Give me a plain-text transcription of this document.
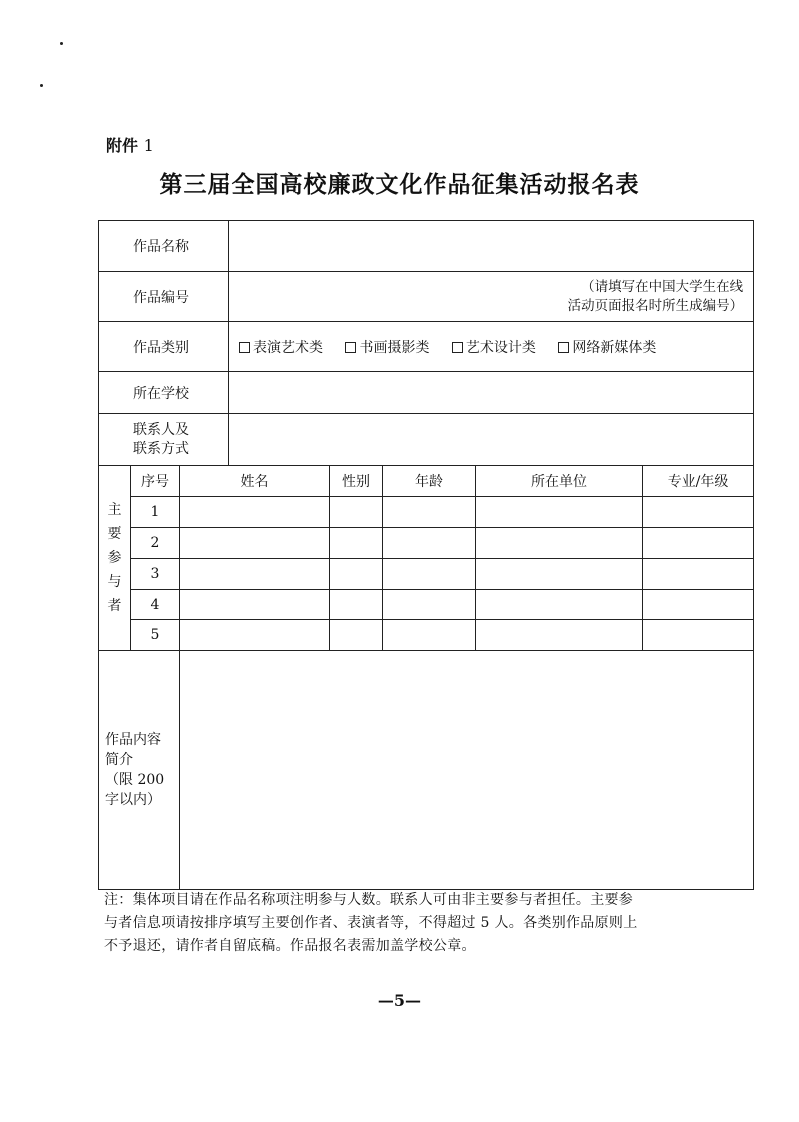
附件 1
第三届全国高校廉政文化作品征集活动报名表
作品名称							
作品编号			（请填写在中国大学生在线
活动页面报名时所生成编号）				

作品类别			表演艺术类 书画摄影类 艺术设计类 网络新媒体类				
所在学校							

联系人及
联系方式							

主
要
参
与
者	序号	姓名		性别	年龄	所在单位	专业/年级
	1						
	2						
	3						
	4						
	5						

作品内容
简介
（限 200
字以内）							

注：集体项目请在作品名称项注明参与人数。联系人可由非主要参与者担任。主要参
与者信息项请按排序填写主要创作者、表演者等，不得超过 5 人。各类别作品原则上
不予退还，请作者自留底稿。作品报名表需加盖学校公章。
—5—
